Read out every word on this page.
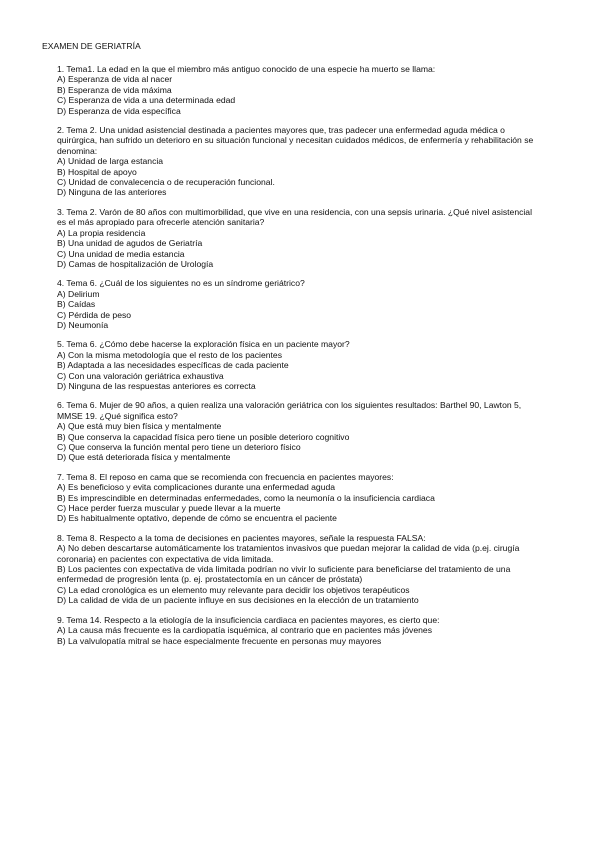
EXAMEN DE GERIATRÍA
1. Tema1. La edad en la que el miembro más antiguo conocido de una especie ha muerto se llama:
A) Esperanza de vida al nacer
B) Esperanza de vida máxima
C) Esperanza de vida a una determinada edad
D) Esperanza de vida específica
2. Tema 2. Una unidad asistencial destinada a pacientes mayores que, tras padecer una enfermedad aguda médica o quirúrgica, han sufrido un deterioro en su situación funcional y necesitan cuidados médicos, de enfermería y rehabilitación se denomina:
A) Unidad de larga estancia
B) Hospital de apoyo
C) Unidad de convalecencia o de recuperación funcional.
D) Ninguna de las anteriores
3. Tema 2. Varón de 80 años con multimorbilidad, que vive en una residencia, con una sepsis urinaria. ¿Qué nivel asistencial es el más apropiado para ofrecerle atención sanitaria?
A) La propia residencia
B) Una unidad de agudos de Geriatría
C) Una unidad de media estancia
D) Camas de hospitalización de Urología
4. Tema 6. ¿Cuál de los siguientes no es un síndrome geriátrico?
A) Delirium
B) Caídas
C) Pérdida de peso
D) Neumonía
5. Tema 6. ¿Cómo debe hacerse la exploración física en un paciente mayor?
A) Con la misma metodología que el resto de los pacientes
B) Adaptada a las necesidades específicas de cada paciente
C) Con una valoración geriátrica exhaustiva
D) Ninguna de las respuestas anteriores es correcta
6. Tema 6. Mujer de 90 años, a quien realiza una valoración geriátrica con los siguientes resultados: Barthel 90, Lawton 5, MMSE 19. ¿Qué significa esto?
A) Que está muy bien física y mentalmente
B) Que conserva la capacidad física pero tiene un posible deterioro cognitivo
C) Que conserva la función mental pero tiene un deterioro físico
D) Que está deteriorada física y mentalmente
7. Tema 8. El reposo en cama que se recomienda con frecuencia en pacientes mayores:
A) Es beneficioso y evita complicaciones durante una enfermedad aguda
B) Es imprescindible en determinadas enfermedades, como la neumonía o la insuficiencia cardiaca
C) Hace perder fuerza muscular y puede llevar a la muerte
D) Es habitualmente optativo, depende de cómo se encuentra el paciente
8. Tema 8. Respecto a la toma de decisiones en pacientes mayores, señale la respuesta FALSA:
A) No deben descartarse automáticamente los tratamientos invasivos que puedan mejorar la calidad de vida (p.ej. cirugía coronaria) en pacientes con expectativa de vida limitada.
B) Los pacientes con expectativa de vida limitada podrían no vivir lo suficiente para beneficiarse del tratamiento de una enfermedad de progresión lenta (p. ej. prostatectomía en un cáncer de próstata)
C) La edad cronológica es un elemento muy relevante para decidir los objetivos terapéuticos
D) La calidad de vida de un paciente influye en sus decisiones en la elección de un tratamiento
9. Tema 14. Respecto a la etiología de la insuficiencia cardiaca en pacientes mayores, es cierto que:
A) La causa más frecuente es la cardiopatía isquémica, al contrario que en pacientes más jóvenes
B) La valvulopatía mitral se hace especialmente frecuente en personas muy mayores
